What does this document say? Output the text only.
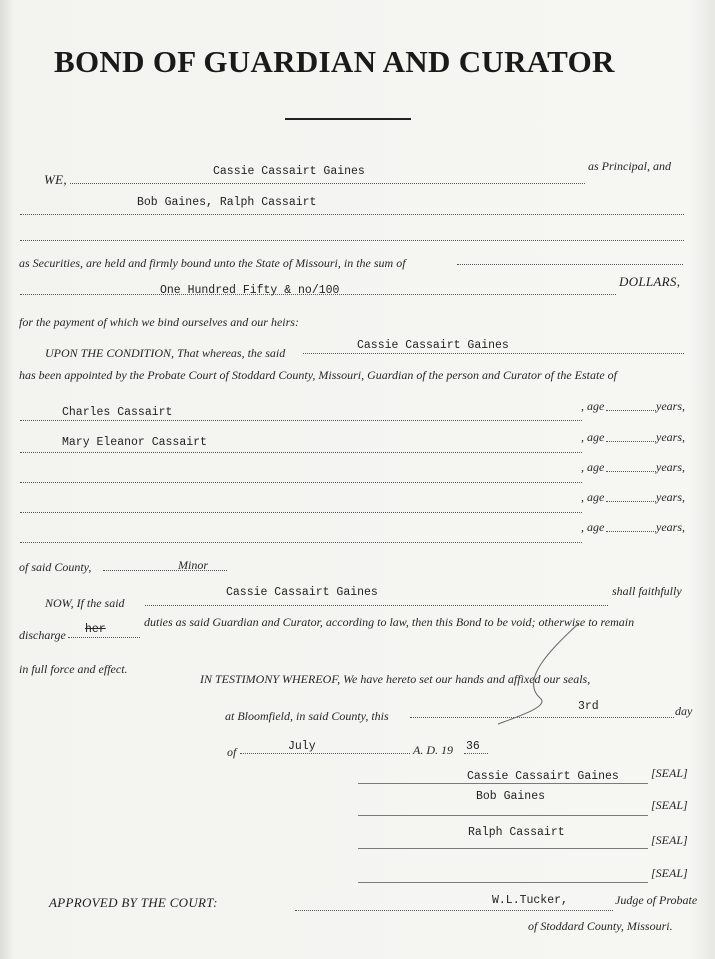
BOND OF GUARDIAN AND CURATOR
WE,
Cassie Cassairt Gaines	as Principal, and
Bob Gaines, Ralph Cassairt
as Securities, are held and firmly bound unto the State of Missouri, in the sum of
One Hundred Fifty & no/100
DOLLARS,
for the payment of which we bind ourselves and our heirs:
UPON THE CONDITION, That whereas, the said
Cassie Cassairt Gaines
has been appointed by the Probate Court of Stoddard County, Missouri, Guardian of the person and Curator of the Estate of
Charles Cassairt	, age	years,
Mary Eleanor Cassairt	, age	years,
, age	years,
, age	years,
, age	years,
of said County,	Minor
NOW, If the said
Cassie Cassairt Gaines	shall faithfully
discharge her
duties as said Guardian and Curator, according to law, then this Bond to be void; otherwise to remain
in full force and effect.
IN TESTIMONY WHEREOF, We have hereto set our hands and affixed our seals,
at Bloomfield, in said County, this
3rd	day
of	July	A. D. 19 36
Cassie Cassairt Gaines	[SEAL]
Bob Gaines
[SEAL]
Ralph Cassairt
[SEAL]
[SEAL]
APPROVED BY THE COURT:	W.L.Tucker,	Judge of Probate
of Stoddard County, Missouri.
